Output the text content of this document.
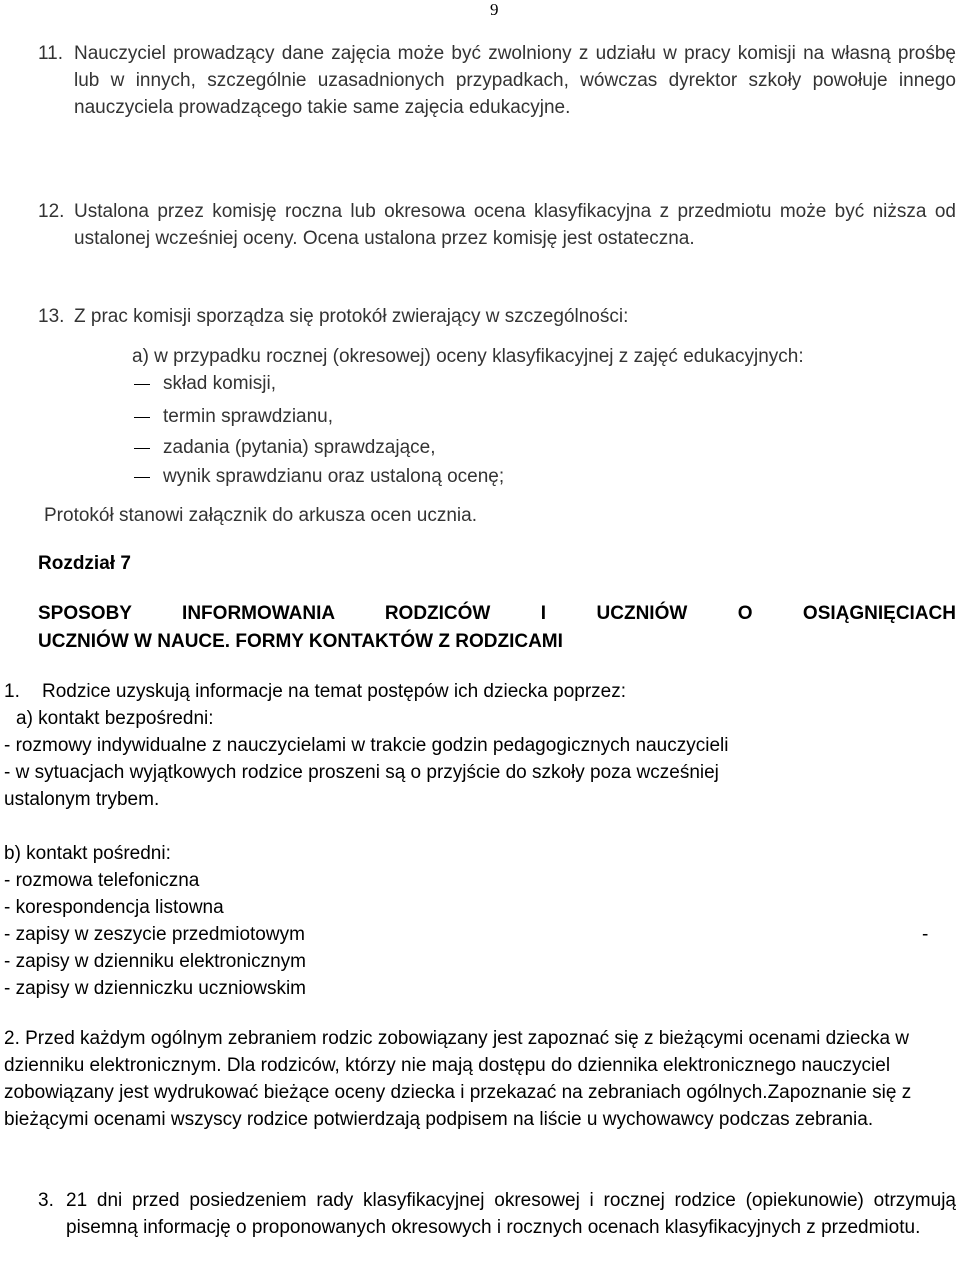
9
11. Nauczyciel prowadzący dane zajęcia może być zwolniony z udziału w pracy komisji na własną prośbę lub w innych, szczególnie uzasadnionych przypadkach, wówczas dyrektor szkoły powołuje innego nauczyciela prowadzącego takie same zajęcia edukacyjne.
12. Ustalona przez komisję roczna lub okresowa ocena klasyfikacyjna z przedmiotu może być niższa od ustalonej wcześniej oceny. Ocena ustalona przez komisję jest ostateczna.
13. Z prac komisji sporządza się protokół zwierający w szczególności:
a) w przypadku rocznej (okresowej) oceny klasyfikacyjnej z zajęć edukacyjnych:
skład komisji,
termin sprawdzianu,
zadania (pytania) sprawdzające,
wynik sprawdzianu oraz ustaloną ocenę;
Protokół stanowi załącznik do arkusza ocen ucznia.
Rozdział 7
SPOSOBY INFORMOWANIA RODZICÓW I UCZNIÓW O OSIĄGNIĘCIACH
UCZNIÓW W NAUCE. FORMY KONTAKTÓW Z RODZICAMI
1. Rodzice uzyskują informacje na temat postępów ich dziecka poprzez:
a) kontakt bezpośredni:
- rozmowy indywidualne z nauczycielami w trakcie godzin pedagogicznych nauczycieli
- w sytuacjach wyjątkowych rodzice proszeni są o przyjście do szkoły poza wcześniej
ustalonym trybem.
b) kontakt pośredni:
- rozmowa telefoniczna
- korespondencja listowna
- zapisy w zeszycie przedmiotowym	-
- zapisy w dzienniku elektronicznym
- zapisy w dzienniczku uczniowskim
2. Przed każdym ogólnym zebraniem rodzic zobowiązany jest zapoznać się z bieżącymi ocenami dziecka w dzienniku elektronicznym. Dla rodziców, którzy nie mają dostępu do dziennika elektronicznego nauczyciel zobowiązany jest wydrukować bieżące oceny dziecka i przekazać na zebraniach ogólnych.Zapoznanie się z bieżącymi ocenami wszyscy rodzice potwierdzają podpisem na liście u wychowawcy podczas zebrania.
3. 21 dni przed posiedzeniem rady klasyfikacyjnej okresowej i rocznej rodzice (opiekunowie) otrzymują pisemną informację o proponowanych okresowych i rocznych ocenach klasyfikacyjnych z przedmiotu.
